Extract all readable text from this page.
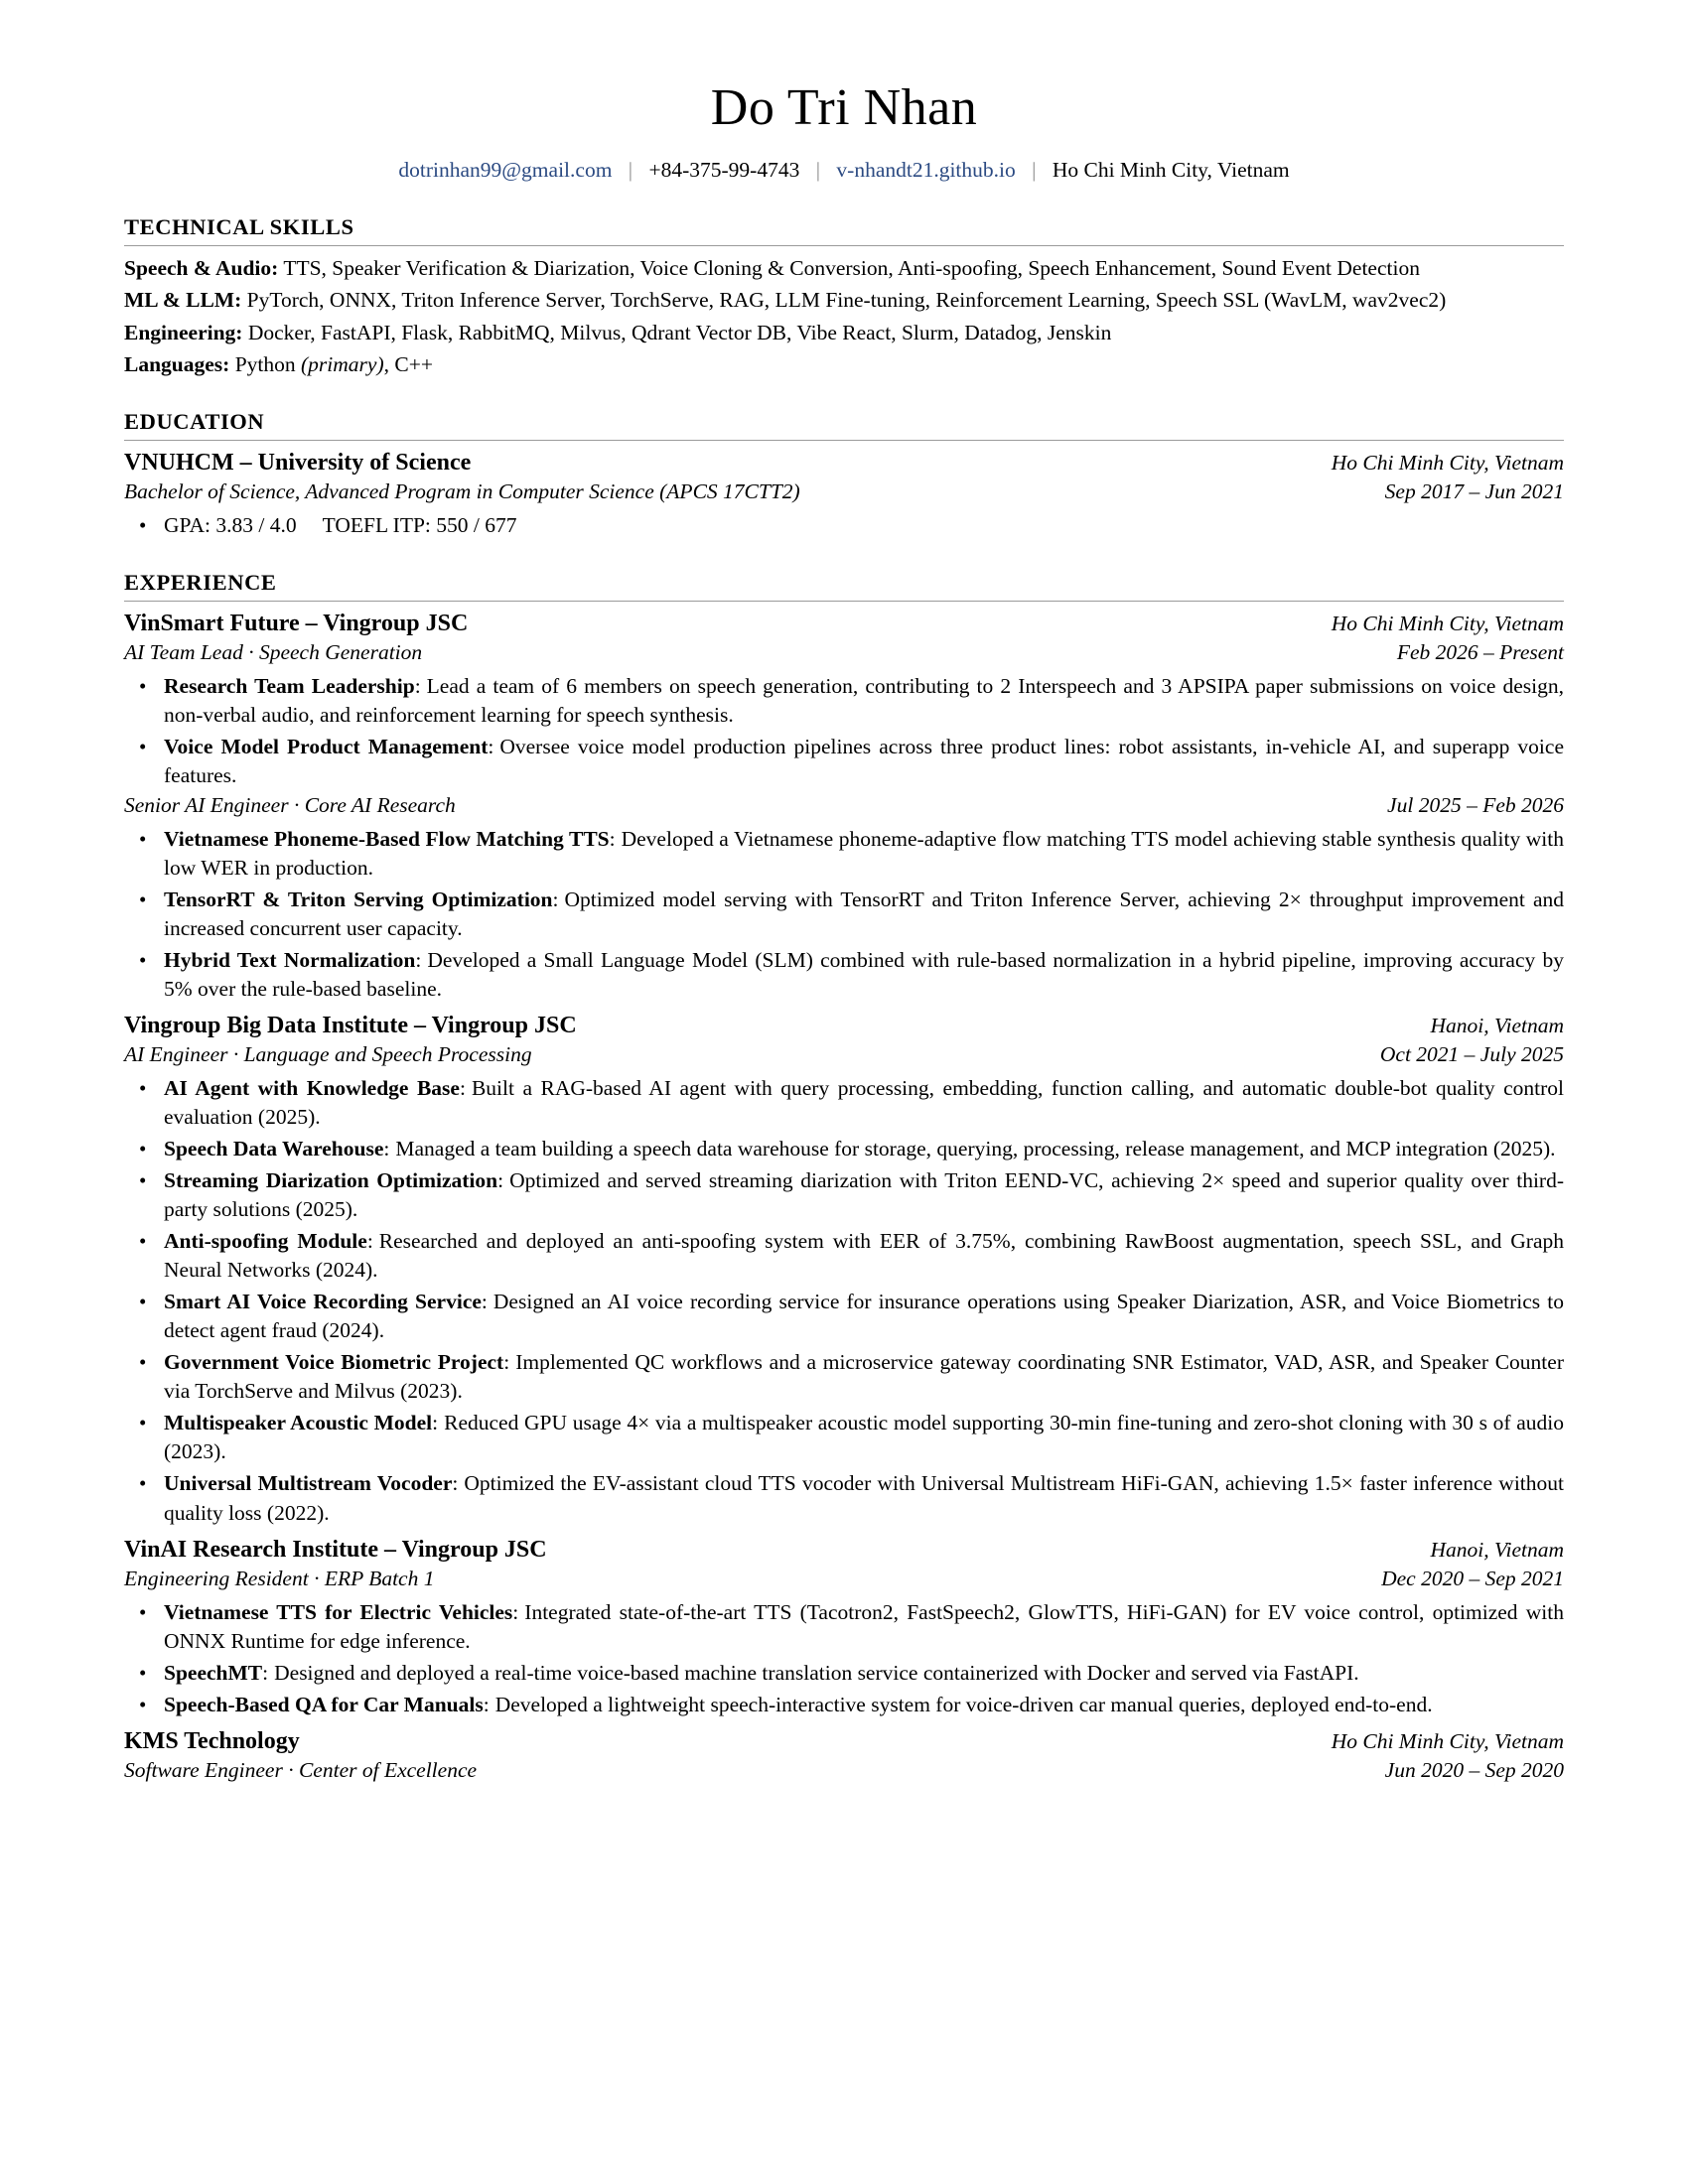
Do Tri Nhan
dotrinhan99@gmail.com | +84-375-99-4743 | v-nhandt21.github.io | Ho Chi Minh City, Vietnam
TECHNICAL SKILLS
Speech & Audio: TTS, Speaker Verification & Diarization, Voice Cloning & Conversion, Anti-spoofing, Speech Enhancement, Sound Event Detection
ML & LLM: PyTorch, ONNX, Triton Inference Server, TorchServe, RAG, LLM Fine-tuning, Reinforcement Learning, Speech SSL (WavLM, wav2vec2)
Engineering: Docker, FastAPI, Flask, RabbitMQ, Milvus, Qdrant Vector DB, Vibe React, Slurm, Datadog, Jenskin
Languages: Python (primary), C++
EDUCATION
VNUHCM – University of Science	Ho Chi Minh City, Vietnam
Bachelor of Science, Advanced Program in Computer Science (APCS 17CTT2)	Sep 2017 – Jun 2021
• GPA: 3.83 / 4.0 TOEFL ITP: 550 / 677
EXPERIENCE
VinSmart Future – Vingroup JSC	Ho Chi Minh City, Vietnam
AI Team Lead · Speech Generation	Feb 2026 – Present
• Research Team Leadership: Lead a team of 6 members on speech generation, contributing to 2 Interspeech and 3 APSIPA paper submissions on voice design, non-verbal audio, and reinforcement learning for speech synthesis.
• Voice Model Product Management: Oversee voice model production pipelines across three product lines: robot assistants, in-vehicle AI, and superapp voice features.
Senior AI Engineer · Core AI Research	Jul 2025 – Feb 2026
• Vietnamese Phoneme-Based Flow Matching TTS: Developed a Vietnamese phoneme-adaptive flow matching TTS model achieving stable synthesis quality with low WER in production.
• TensorRT & Triton Serving Optimization: Optimized model serving with TensorRT and Triton Inference Server, achieving 2× throughput improvement and increased concurrent user capacity.
• Hybrid Text Normalization: Developed a Small Language Model (SLM) combined with rule-based normalization in a hybrid pipeline, improving accuracy by 5% over the rule-based baseline.
Vingroup Big Data Institute – Vingroup JSC	Hanoi, Vietnam
AI Engineer · Language and Speech Processing	Oct 2021 – July 2025
• AI Agent with Knowledge Base: Built a RAG-based AI agent with query processing, embedding, function calling, and automatic double-bot quality control evaluation (2025).
• Speech Data Warehouse: Managed a team building a speech data warehouse for storage, querying, processing, release management, and MCP integration (2025).
• Streaming Diarization Optimization: Optimized and served streaming diarization with Triton EEND-VC, achieving 2× speed and superior quality over third-party solutions (2025).
• Anti-spoofing Module: Researched and deployed an anti-spoofing system with EER of 3.75%, combining RawBoost augmentation, speech SSL, and Graph Neural Networks (2024).
• Smart AI Voice Recording Service: Designed an AI voice recording service for insurance operations using Speaker Diarization, ASR, and Voice Biometrics to detect agent fraud (2024).
• Government Voice Biometric Project: Implemented QC workflows and a microservice gateway coordinating SNR Estimator, VAD, ASR, and Speaker Counter via TorchServe and Milvus (2023).
• Multispeaker Acoustic Model: Reduced GPU usage 4× via a multispeaker acoustic model supporting 30-min fine-tuning and zero-shot cloning with 30 s of audio (2023).
• Universal Multistream Vocoder: Optimized the EV-assistant cloud TTS vocoder with Universal Multistream HiFi-GAN, achieving 1.5× faster inference without quality loss (2022).
VinAI Research Institute – Vingroup JSC	Hanoi, Vietnam
Engineering Resident · ERP Batch 1	Dec 2020 – Sep 2021
• Vietnamese TTS for Electric Vehicles: Integrated state-of-the-art TTS (Tacotron2, FastSpeech2, GlowTTS, HiFi-GAN) for EV voice control, optimized with ONNX Runtime for edge inference.
• SpeechMT: Designed and deployed a real-time voice-based machine translation service containerized with Docker and served via FastAPI.
• Speech-Based QA for Car Manuals: Developed a lightweight speech-interactive system for voice-driven car manual queries, deployed end-to-end.
KMS Technology	Ho Chi Minh City, Vietnam
Software Engineer · Center of Excellence	Jun 2020 – Sep 2020
